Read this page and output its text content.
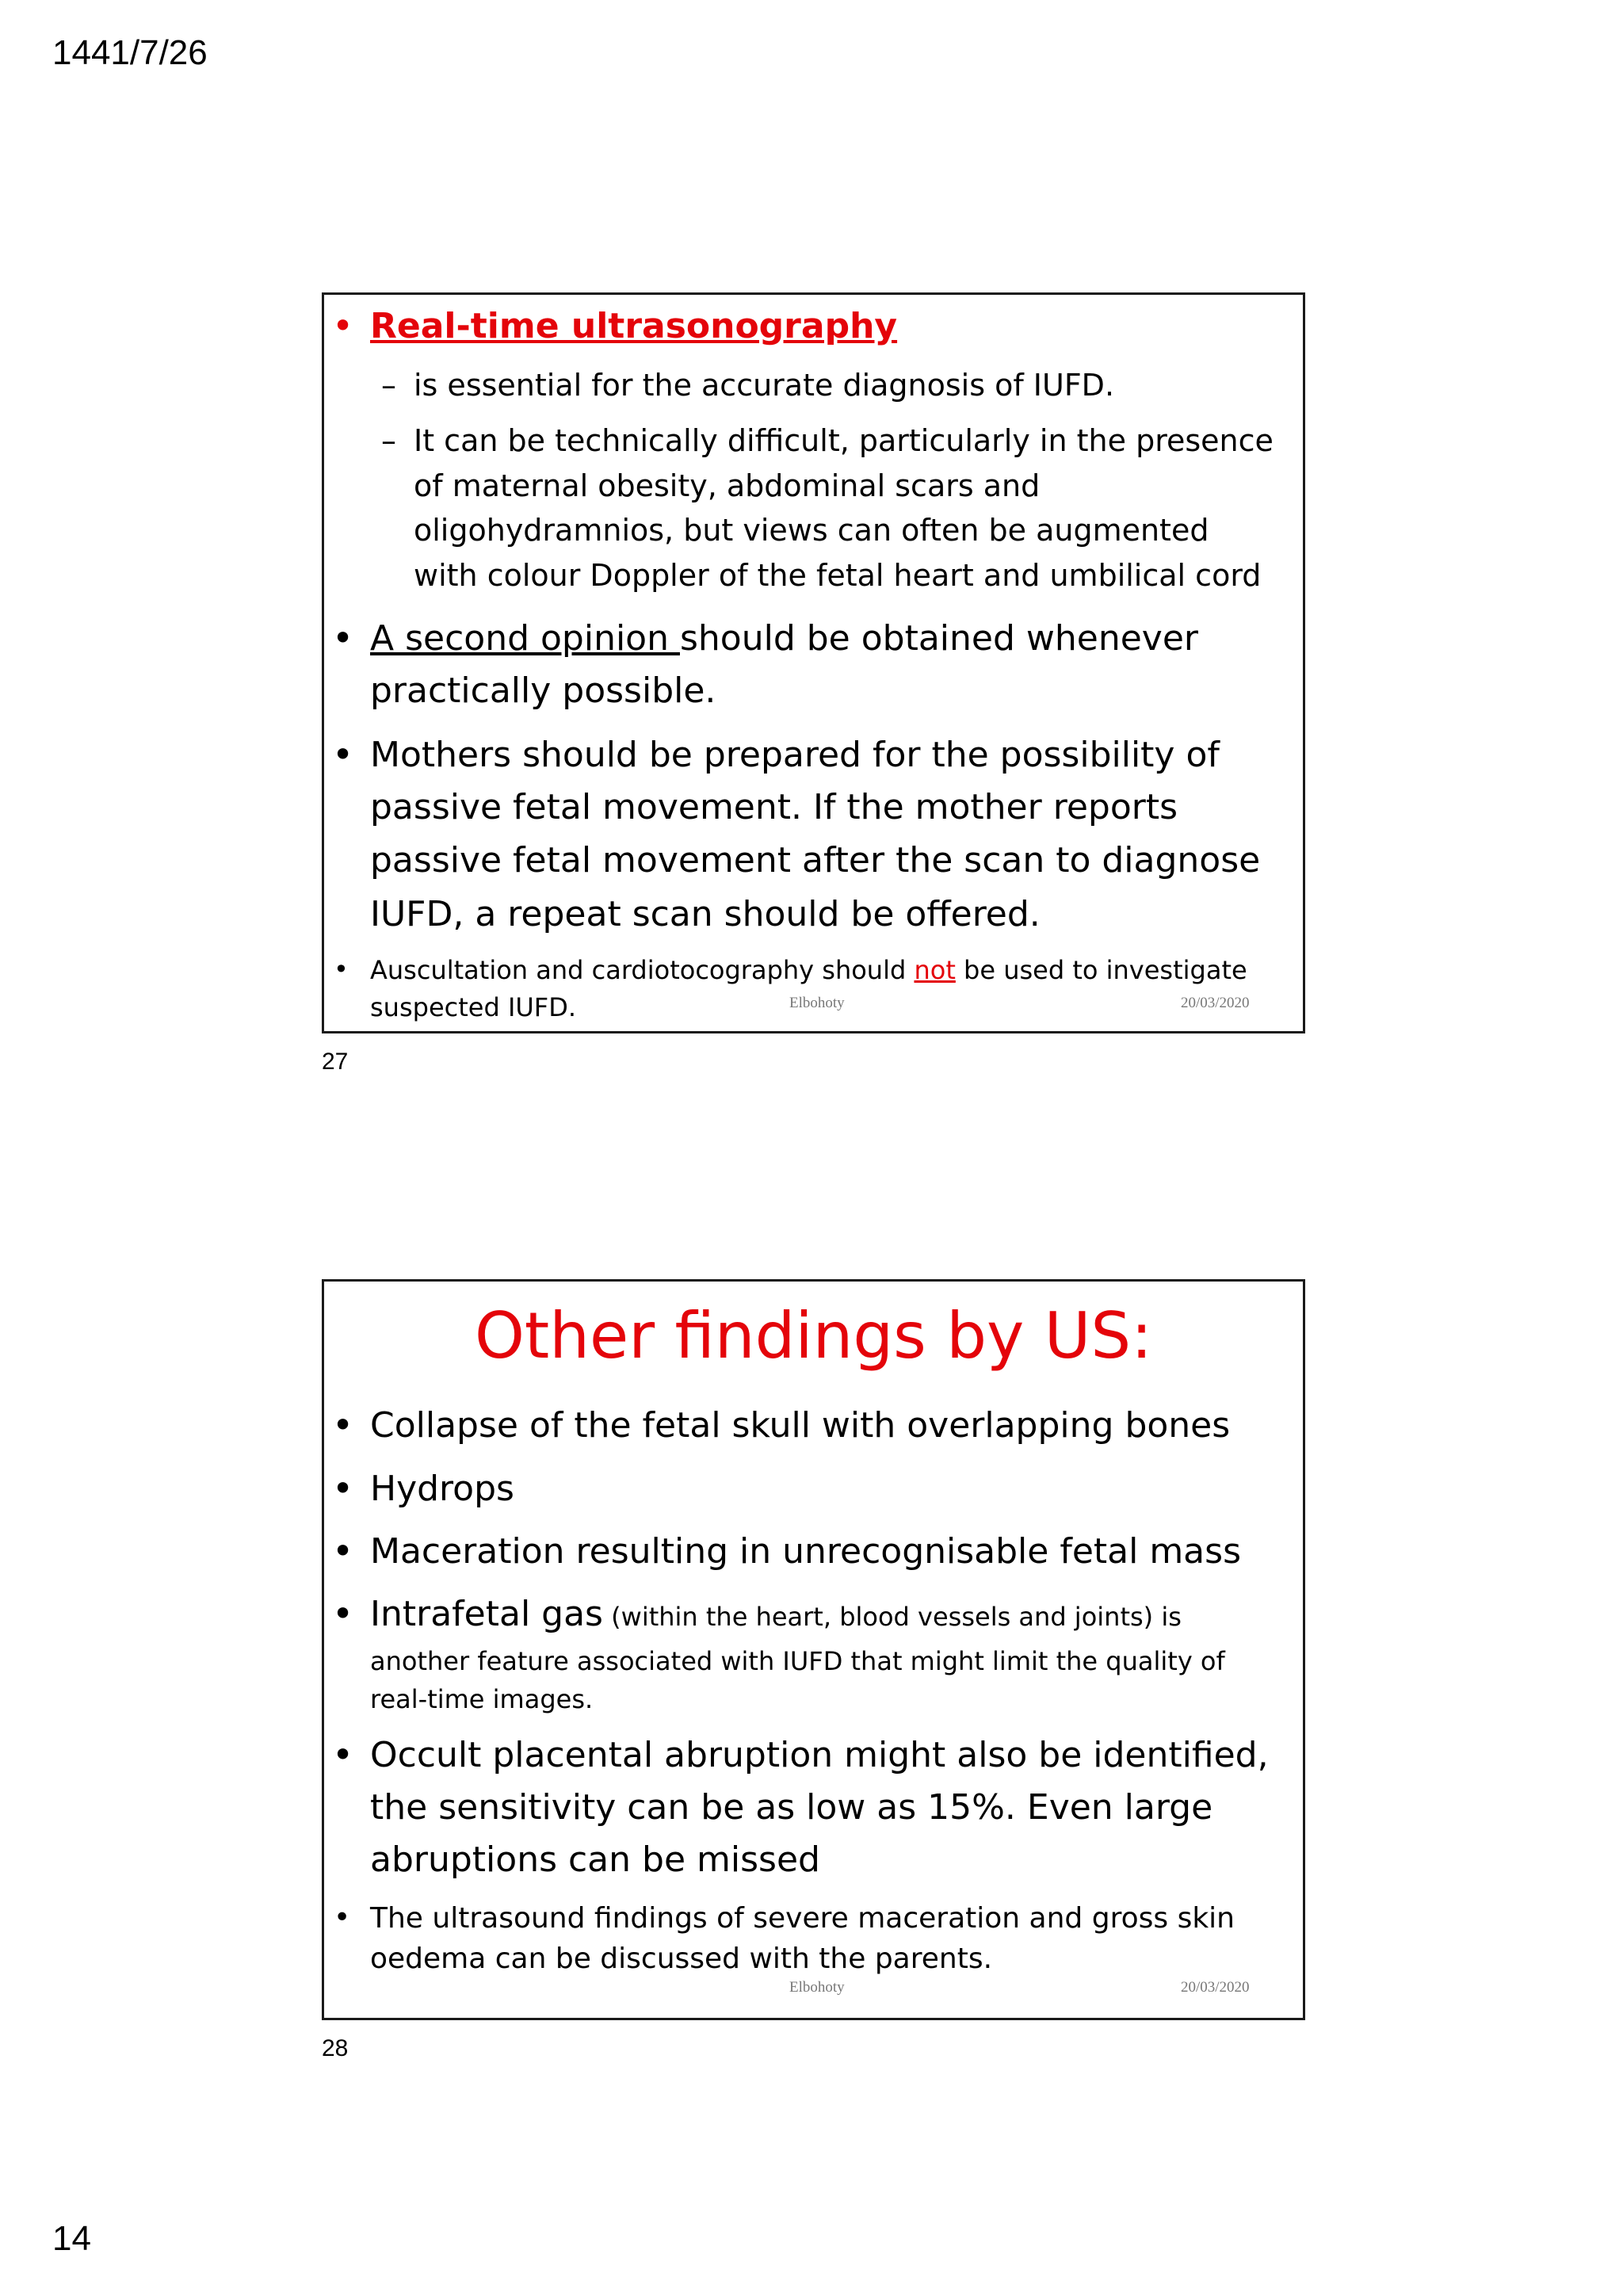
1441/7/26
• Real-time ultrasonography
– is essential for the accurate diagnosis of IUFD.
– It can be technically difficult, particularly in the presence
of maternal obesity, abdominal scars and
oligohydramnios, but views can often be augmented
with colour Doppler of the fetal heart and umbilical cord
• A second opinion should be obtained whenever
practically possible.
• Mothers should be prepared for the possibility of
passive fetal movement. If the mother reports
passive fetal movement after the scan to diagnose
IUFD, a repeat scan should be offered.
• Auscultation and cardiotocography should not be used to investigate
suspected IUFD.	Elbohoty	20/03/2020
27
Other findings by US:
• Collapse of the fetal skull with overlapping bones
• Hydrops
• Maceration resulting in unrecognisable fetal mass
• Intrafetal gas (within the heart, blood vessels and joints) is
another feature associated with IUFD that might limit the quality of
real-time images.
• Occult placental abruption might also be identified,
the sensitivity can be as low as 15%. Even large
abruptions can be missed
• The ultrasound findings of severe maceration and gross skin
oedema can be discussed with the parents.
Elbohoty	20/03/2020
28
14
